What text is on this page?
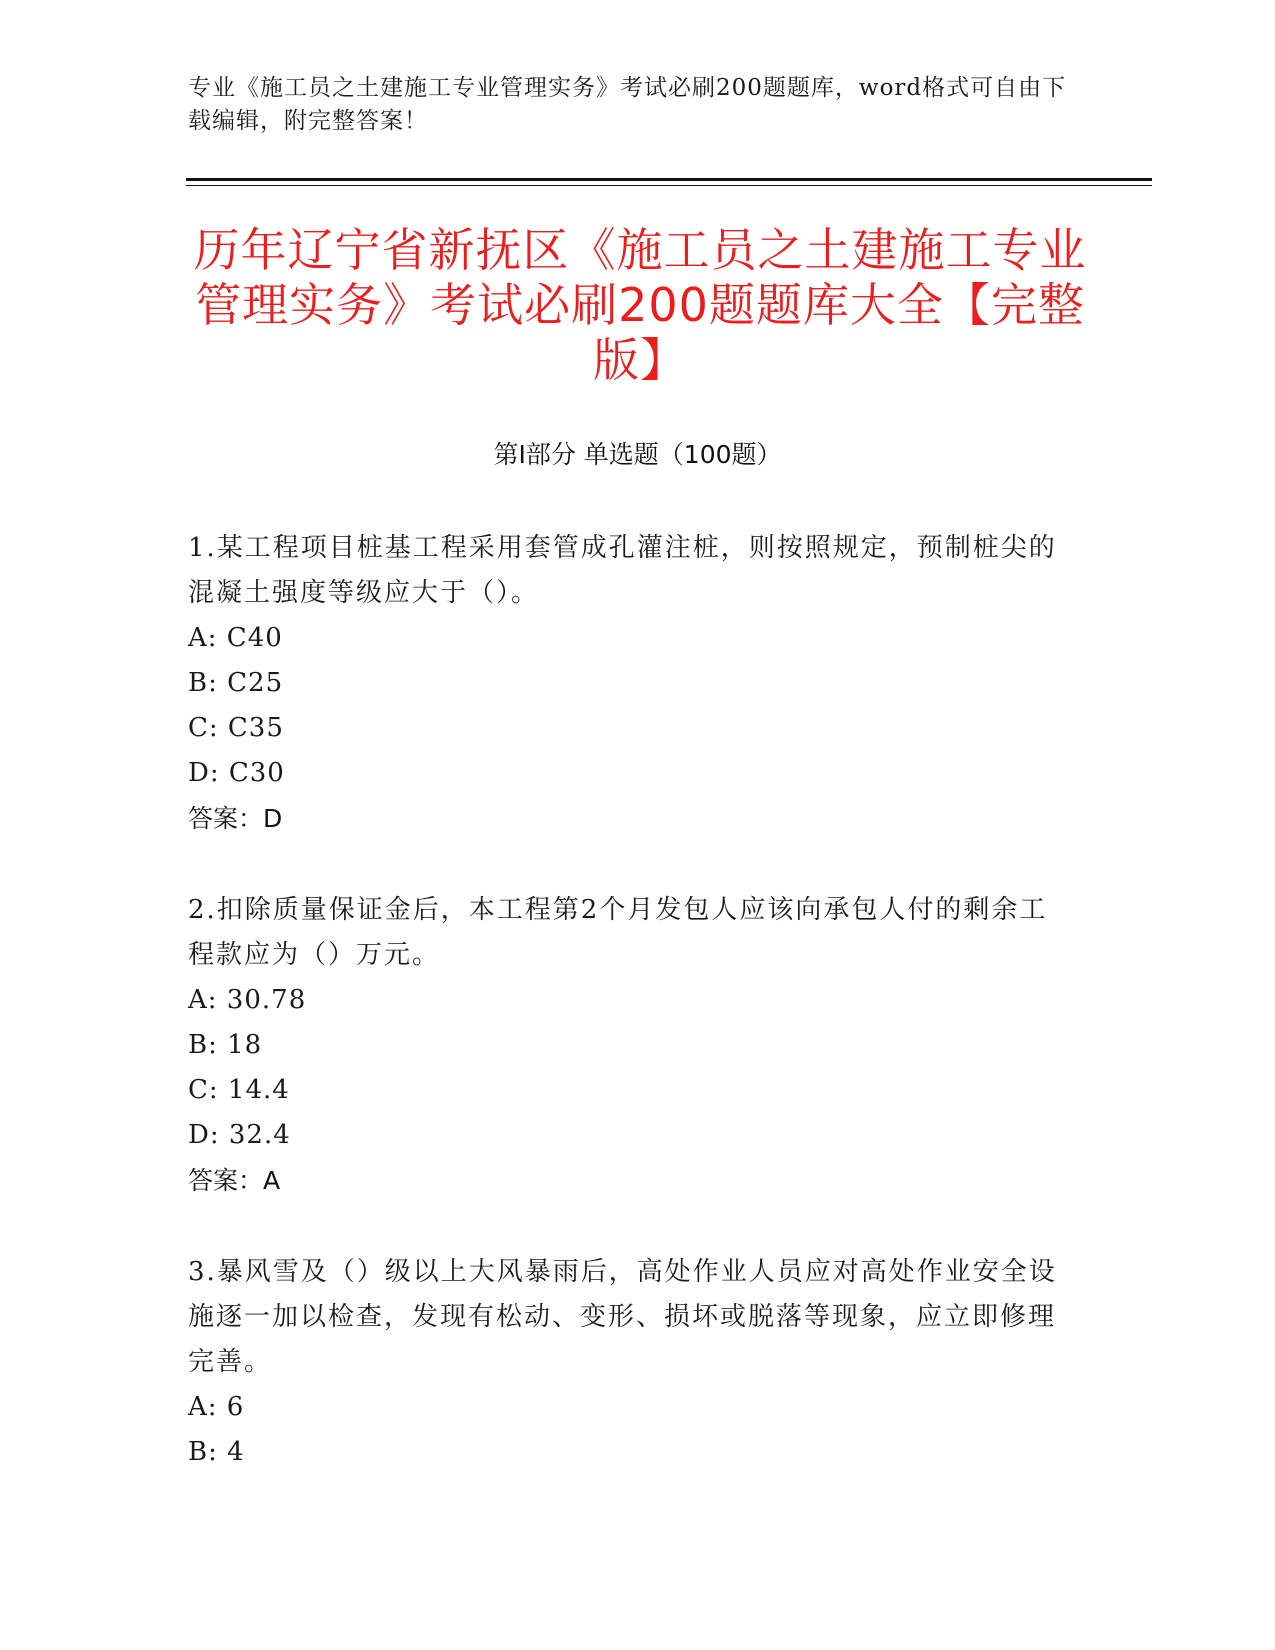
专业《施工员之土建施工专业管理实务》考试必刷200题题库，word格式可自由下载编辑，附完整答案！
历年辽宁省新抚区《施工员之土建施工专业管理实务》考试必刷200题题库大全【完整版】
第Ⅰ部分 单选题（100题）
1.某工程项目桩基工程采用套管成孔灌注桩，则按照规定，预制桩尖的混凝土强度等级应大于（）。
A: C40
B: C25
C: C35
D: C30
答案：D
2.扣除质量保证金后，本工程第2个月发包人应该向承包人付的剩余工程款应为（）万元。
A: 30.78
B: 18
C: 14.4
D: 32.4
答案：A
3.暴风雪及（）级以上大风暴雨后，高处作业人员应对高处作业安全设施逐一加以检查，发现有松动、变形、损坏或脱落等现象，应立即修理完善。
A: 6
B: 4
